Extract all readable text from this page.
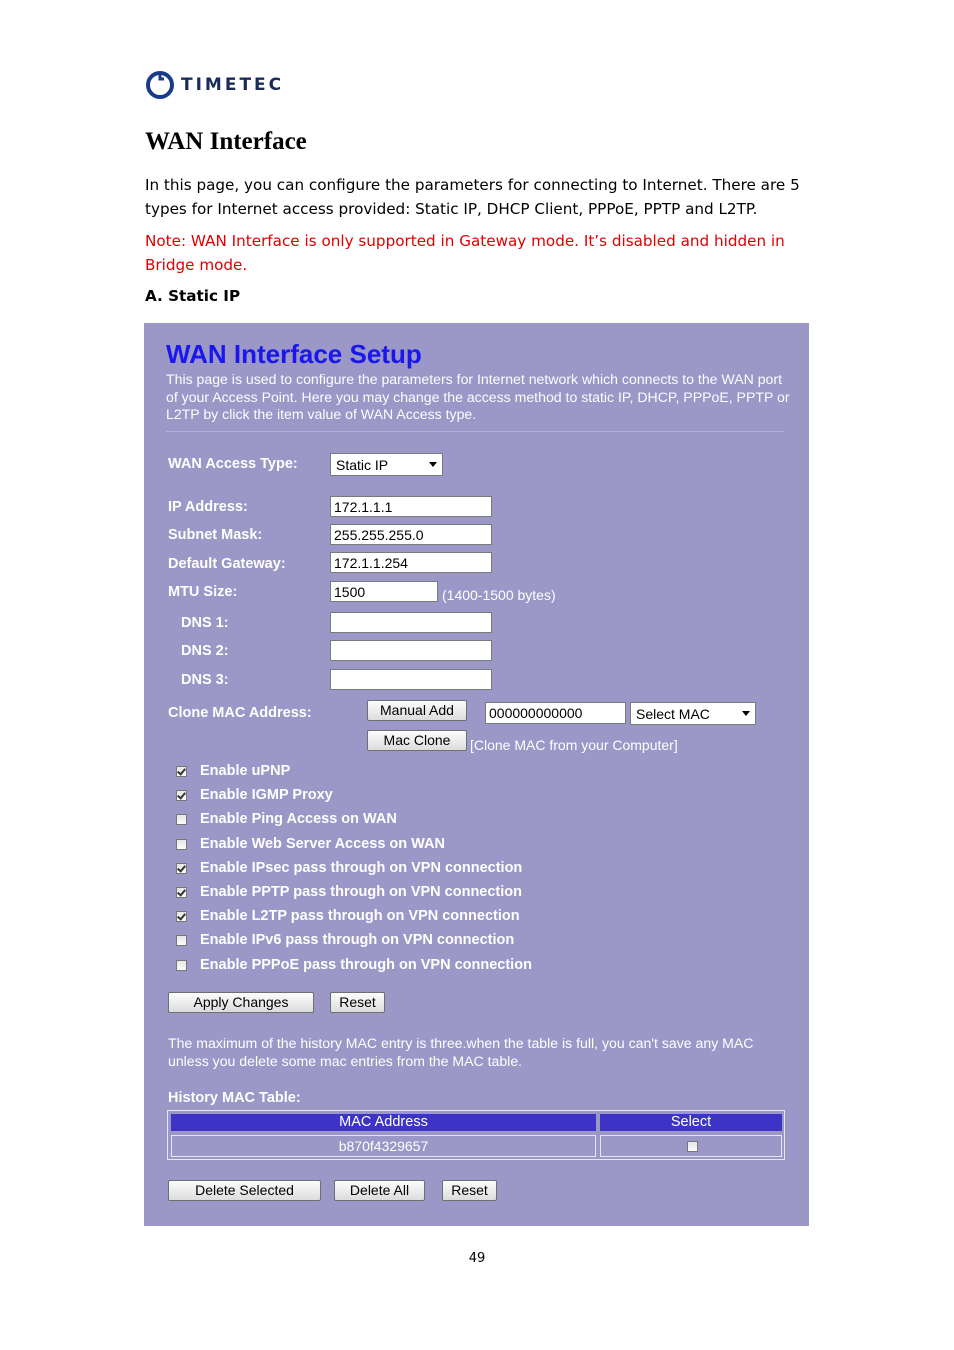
TIMETEC
WAN Interface

In this page, you can configure the parameters for connecting to Internet. There are 5 types for Internet access provided: Static IP, DHCP Client, PPPoE, PPTP and L2TP.

Note: WAN Interface is only supported in Gateway mode. It’s disabled and hidden in Bridge mode.

A. Static IP

WAN Interface Setup
This page is used to configure the parameters for Internet network which connects to the WAN port of your Access Point. Here you may change the access method to static IP, DHCP, PPPoE, PPTP or L2TP by click the item value of WAN Access type.
WAN Access Type:	Static IP
IP Address:	172.1.1.1
Subnet Mask:	255.255.255.0
Default Gateway:	172.1.1.254
MTU Size:	1500	(1400-1500 bytes)
DNS 1:
DNS 2:
DNS 3:
Clone MAC Address:	Manual Add	000000000000	Select MAC
Mac Clone	[Clone MAC from your Computer]
Enable uPNP
Enable IGMP Proxy
Enable Ping Access on WAN
Enable Web Server Access on WAN
Enable IPsec pass through on VPN connection
Enable PPTP pass through on VPN connection
Enable L2TP pass through on VPN connection
Enable IPv6 pass through on VPN connection
Enable PPPoE pass through on VPN connection
Apply Changes	Reset
The maximum of the history MAC entry is three.when the table is full, you can't save any MAC unless you delete some mac entries from the MAC table.
History MAC Table:
MAC Address	Select
b870f4329657
Delete Selected	Delete All	Reset
49
